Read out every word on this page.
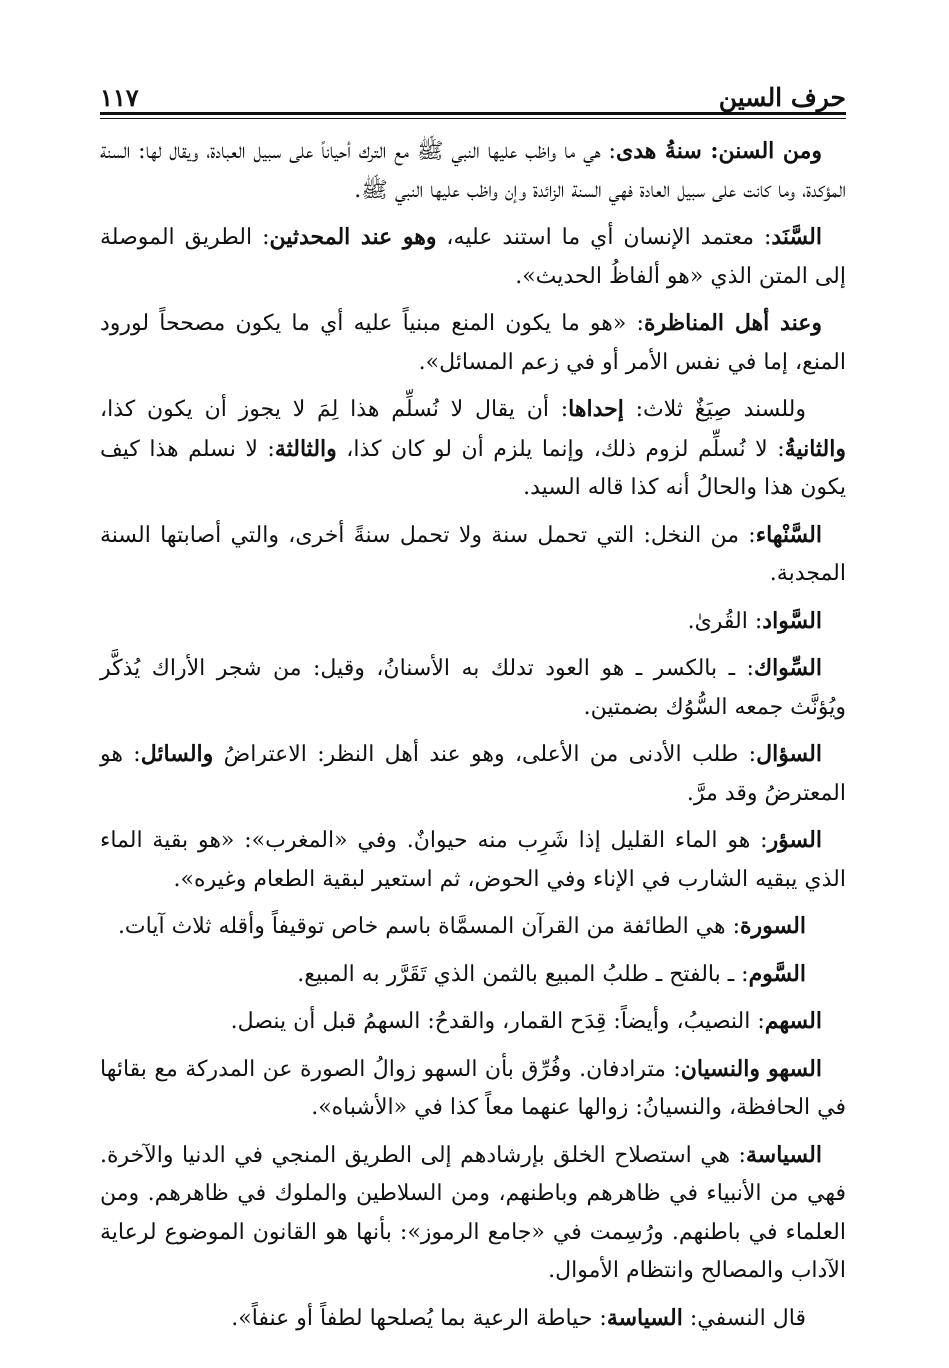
حرف السين
١١٧

ومن السنن: سنةُ هدى: هي ما واظب عليها النبي ﷺ مع الترك أحياناً على سبيل العبادة، ويقال لها: السنة المؤكدة، وما كانت على سبيل العادة فهي السنة الزائدة وإن واظب عليها النبي ﷺ.

السَّنَد: معتمد الإنسان أي ما استند عليه، وهو عند المحدثين: الطريق الموصلة إلى المتن الذي «هو ألفاظُ الحديث».

وعند أهل المناظرة: «هو ما يكون المنع مبنياً عليه أي ما يكون مصححاً لورود المنع، إما في نفس الأمر أو في زعم المسائل».

وللسند صِيَغٌ ثلاث: إحداها: أن يقال لا نُسلِّم هذا لِمَ لا يجوز أن يكون كذا، والثانيةُ: لا نُسلِّم لزوم ذلك، وإنما يلزم أن لو كان كذا، والثالثة: لا نسلم هذا كيف يكون هذا والحالُ أنه كذا قاله السيد.

السَّنْهاء: من النخل: التي تحمل سنة ولا تحمل سنةً أخرى، والتي أصابتها السنة المجدبة.

السَّواد: القُرىٰ.

السِّواك: ـ بالكسر ـ هو العود تدلك به الأسنانُ، وقيل: من شجر الأراك يُذكَّر ويُؤنَّث جمعه السُّوُك بضمتين.

السؤال: طلب الأدنى من الأعلى، وهو عند أهل النظر: الاعتراضُ والسائل: هو المعترضُ وقد مرَّ.

السؤر: هو الماء القليل إذا شَرِب منه حيوانٌ. وفي «المغرب»: «هو بقية الماء الذي يبقيه الشارب في الإناء وفي الحوض، ثم استعير لبقية الطعام وغيره».

السورة: هي الطائفة من القرآن المسمَّاة باسم خاص توقيفاً وأقله ثلاث آيات.

السَّوم: ـ بالفتح ـ طلبُ المبيع بالثمن الذي تَقَرَّر به المبيع.

السهم: النصيبُ، وأيضاً: قِدَح القمار، والقدحُ: السهمُ قبل أن ينصل.

السهو والنسيان: مترادفان. وفُرِّق بأن السهو زوالُ الصورة عن المدركة مع بقائها في الحافظة، والنسيانُ: زوالها عنهما معاً كذا في «الأشباه».

السياسة: هي استصلاح الخلق بإرشادهم إلى الطريق المنجي في الدنيا والآخرة. فهي من الأنبياء في ظاهرهم وباطنهم، ومن السلاطين والملوك في ظاهرهم. ومن العلماء في باطنهم. ورُسِمت في «جامع الرموز»: بأنها هو القانون الموضوع لرعاية الآداب والمصالح وانتظام الأموال.

قال النسفي: السياسة: حياطة الرعية بما يُصلحها لطفاً أو عنفاً».
